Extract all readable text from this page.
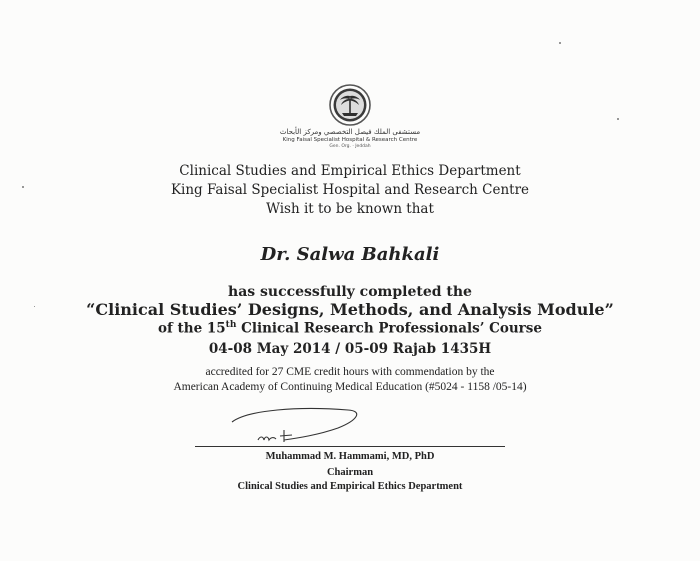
مستشفى الملك فيصل التخصصي ومركز الأبحاث
King Faisal Specialist Hospital & Research Centre
Gen. Org. · Jeddah
Clinical Studies and Empirical Ethics Department
King Faisal Specialist Hospital and Research Centre
Wish it to be known that
Dr. Salwa Bahkali
has successfully completed the
“Clinical Studies’ Designs, Methods, and Analysis Module”
of the 15th Clinical Research Professionals’ Course
04-08 May 2014 / 05-09 Rajab 1435H
accredited for 27 CME credit hours with commendation by the
American Academy of Continuing Medical Education (#5024 - 1158 /05-14)
Muhammad M. Hammami, MD, PhD
Chairman
Clinical Studies and Empirical Ethics Department
